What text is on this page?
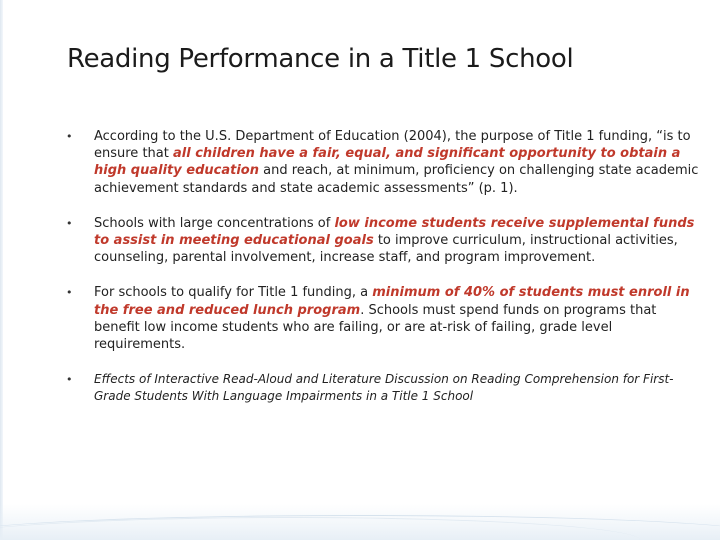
Reading Performance in a Title 1 School
• According to the U.S. Department of Education (2004), the purpose of Title 1 funding, “is to ensure that all children have a fair, equal, and significant opportunity to obtain a high quality education and reach, at minimum, proficiency on challenging state academic achievement standards and state academic assessments” (p. 1).
• Schools with large concentrations of low income students receive supplemental funds to assist in meeting educational goals to improve curriculum, instructional activities, counseling, parental involvement, increase staff, and program improvement.
• For schools to qualify for Title 1 funding, a minimum of 40% of students must enroll in the free and reduced lunch program. Schools must spend funds on programs that benefit low income students who are failing, or are at-risk of failing, grade level requirements.
• Effects of Interactive Read-Aloud and Literature Discussion on Reading Comprehension for First-Grade Students With Language Impairments in a Title 1 School
